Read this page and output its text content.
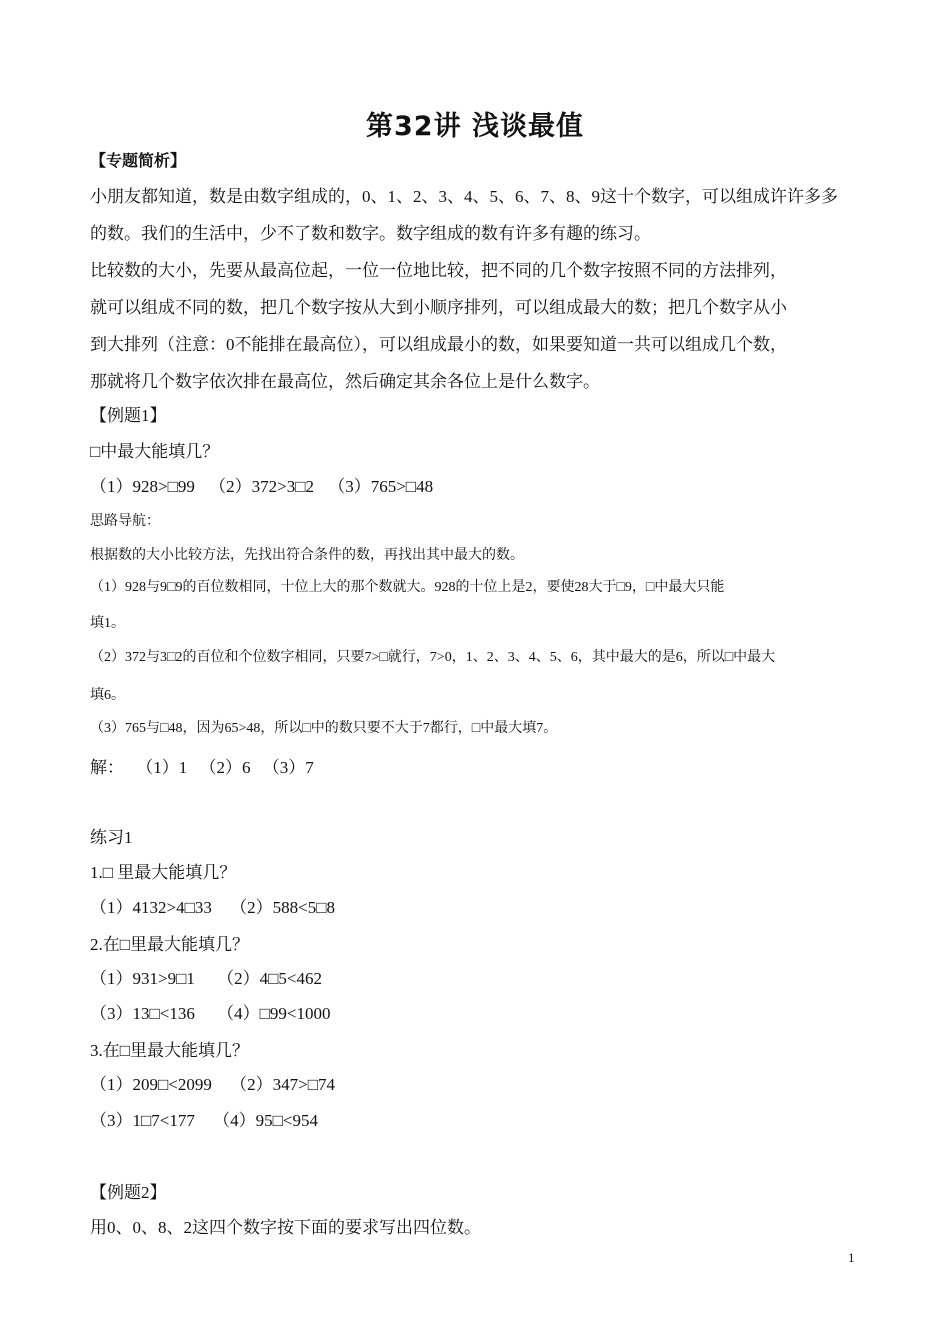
第32讲 浅谈最值
【专题简析】
小朋友都知道，数是由数字组成的，0、1、2、3、4、5、6、7、8、9这十个数字，可以组成许许多多
的数。我们的生活中，少不了数和数字。数字组成的数有许多有趣的练习。
比较数的大小，先要从最高位起，一位一位地比较，把不同的几个数字按照不同的方法排列，
就可以组成不同的数，把几个数字按从大到小顺序排列，可以组成最大的数；把几个数字从小
到大排列（注意：0不能排在最高位），可以组成最小的数，如果要知道一共可以组成几个数，
那就将几个数字依次排在最高位，然后确定其余各位上是什么数字。
【例题1】
□中最大能填几？
（1）928>□99 （2）372>3□2 （3）765>□48
思路导航：
根据数的大小比较方法，先找出符合条件的数，再找出其中最大的数。
（1）928与9□9的百位数相同，十位上大的那个数就大。928的十位上是2，要使28大于□9，□中最大只能
填1。
（2）372与3□2的百位和个位数字相同，只要7>□就行，7>0，1、2、3、4、5、6，其中最大的是6，所以□中最大
填6。
（3）765与□48，因为65>48，所以□中的数只要不大于7都行，□中最大填7。
解： （1）1 （2）6 （3）7
练习1
1.□ 里最大能填几？
（1）4132>4□33 （2）588<5□8
2.在□里最大能填几？
（1）931>9□1 （2）4□5<462
（3）13□<136 （4）□99<1000
3.在□里最大能填几？
（1）209□<2099 （2）347>□74
（3）1□7<177 （4）95□<954
【例题2】
用0、0、8、2这四个数字按下面的要求写出四位数。
1
